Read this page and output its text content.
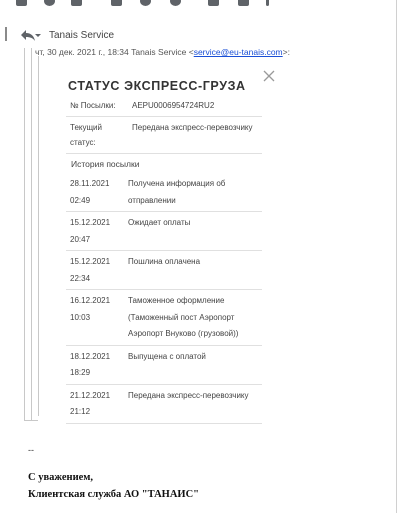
Tanais Service
чт, 30 дек. 2021 г., 18:34 Tanais Service <service@eu-tanais.com>:
СТАТУС ЭКСПРЕСС-ГРУЗА
№ Посылки:	AEPU0006954724RU2
Текущий статус:	Передана экспресс-перевозчику
История посылки
28.11.2021 02:49	Получена информация об отправлении
15.12.2021 20:47	Ожидает оплаты
15.12.2021 22:34	Пошлина оплачена
16.12.2021 10:03	Таможенное оформление (Таможенный пост Аэропорт Аэропорт Внуково (грузовой))
18.12.2021 18:29	Выпущена с оплатой
21.12.2021 21:12	Передана экспресс-перевозчику
--
С уважением,
Клиентская служба АО "ТАНАИС"
